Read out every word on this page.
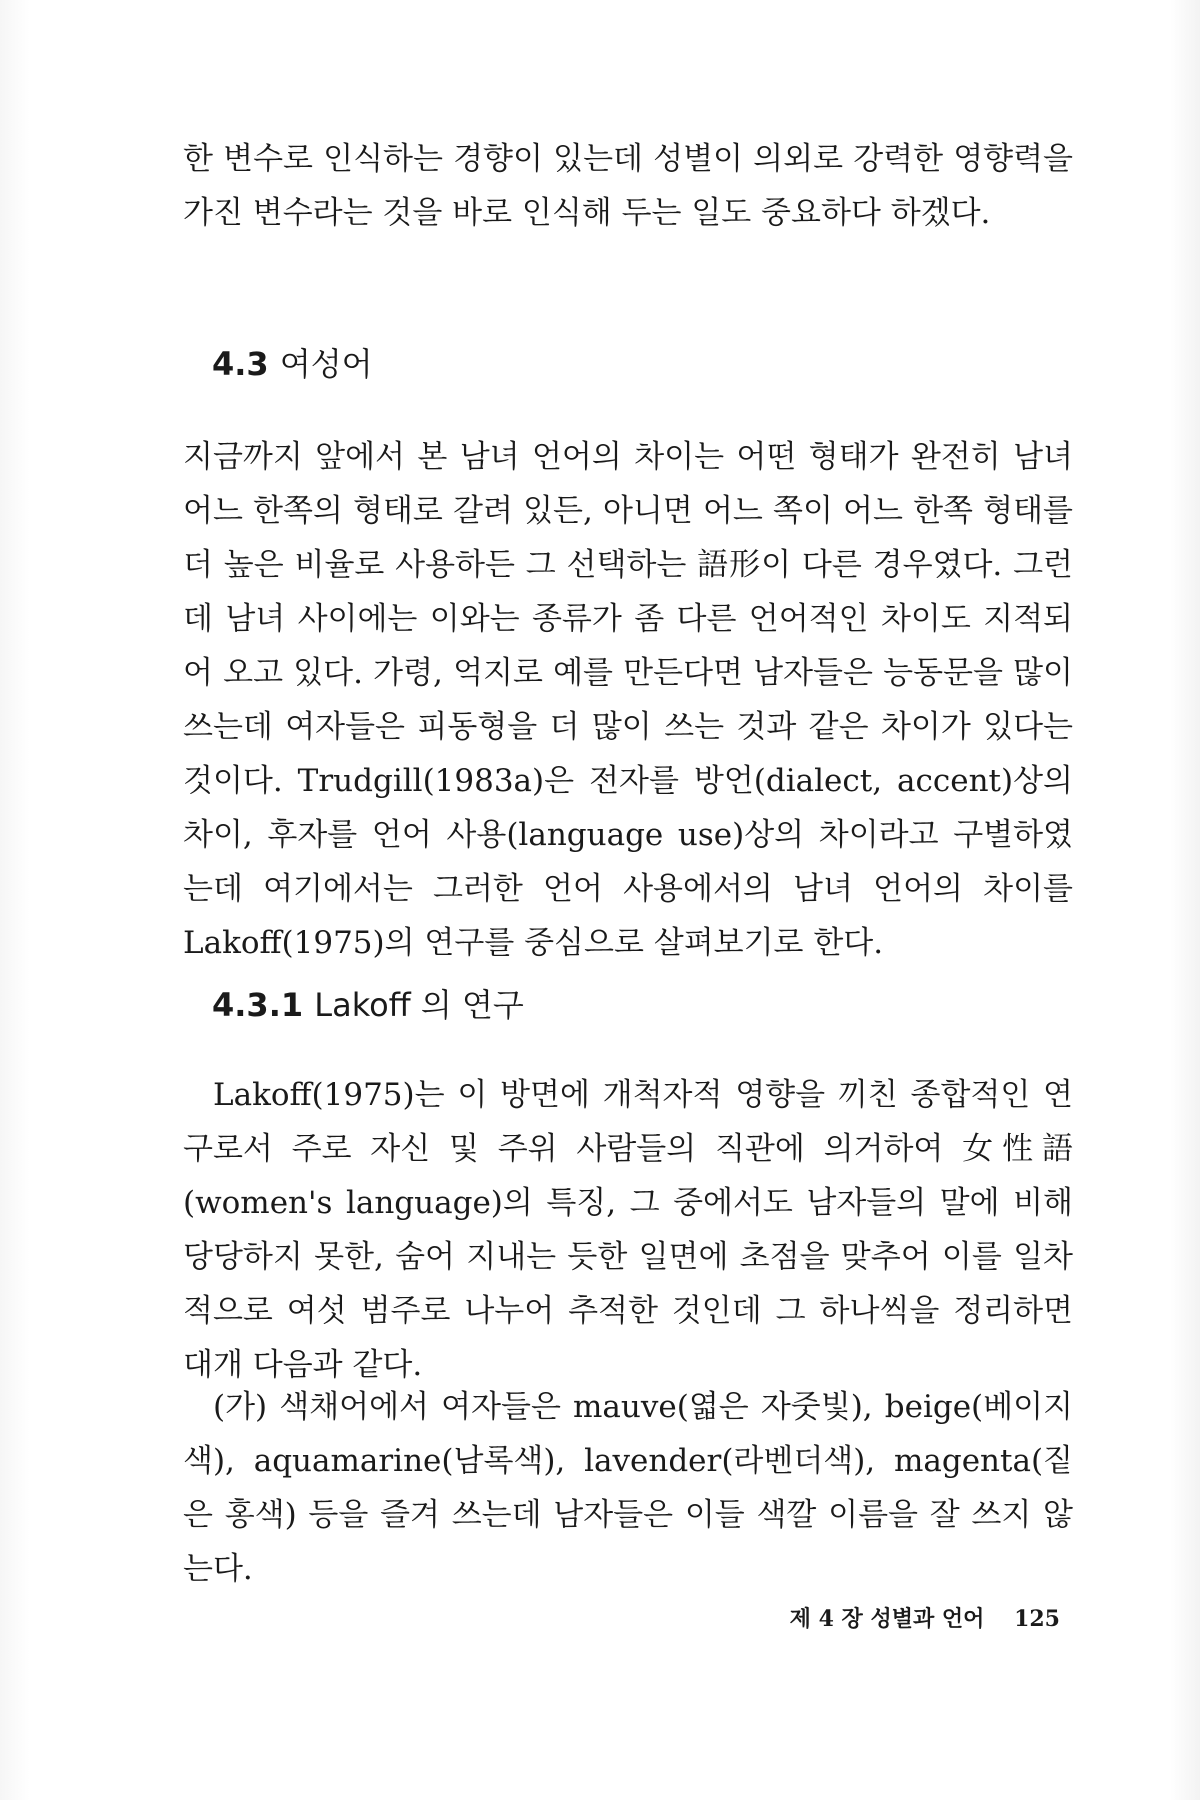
한 변수로 인식하는 경향이 있는데 성별이 의외로 강력한 영향력을 가진 변수라는 것을 바로 인식해 두는 일도 중요하다 하겠다.

4.3 여성어

지금까지 앞에서 본 남녀 언어의 차이는 어떤 형태가 완전히 남녀 어느 한쪽의 형태로 갈려 있든, 아니면 어느 쪽이 어느 한쪽 형태를 더 높은 비율로 사용하든 그 선택하는 語形이 다른 경우였다. 그런데 남녀 사이에는 이와는 종류가 좀 다른 언어적인 차이도 지적되어 오고 있다. 가령, 억지로 예를 만든다면 남자들은 능동문을 많이 쓰는데 여자들은 피동형을 더 많이 쓰는 것과 같은 차이가 있다는 것이다. Trudgill(1983a)은 전자를 방언(dialect, accent)상의 차이, 후자를 언어 사용(language use)상의 차이라고 구별하였는데 여기에서는 그러한 언어 사용에서의 남녀 언어의 차이를 Lakoff(1975)의 연구를 중심으로 살펴보기로 한다.

4.3.1 Lakoff 의 연구

Lakoff(1975)는 이 방면에 개척자적 영향을 끼친 종합적인 연구로서 주로 자신 및 주위 사람들의 직관에 의거하여 女性語(women's language)의 특징, 그 중에서도 남자들의 말에 비해 당당하지 못한, 숨어 지내는 듯한 일면에 초점을 맞추어 이를 일차적으로 여섯 범주로 나누어 추적한 것인데 그 하나씩을 정리하면 대개 다음과 같다.

(가) 색채어에서 여자들은 mauve(엷은 자줏빛), beige(베이지색), aquamarine(남록색), lavender(라벤더색), magenta(짙은 홍색) 등을 즐겨 쓰는데 남자들은 이들 색깔 이름을 잘 쓰지 않는다.

제 4 장 성별과 언어 125
